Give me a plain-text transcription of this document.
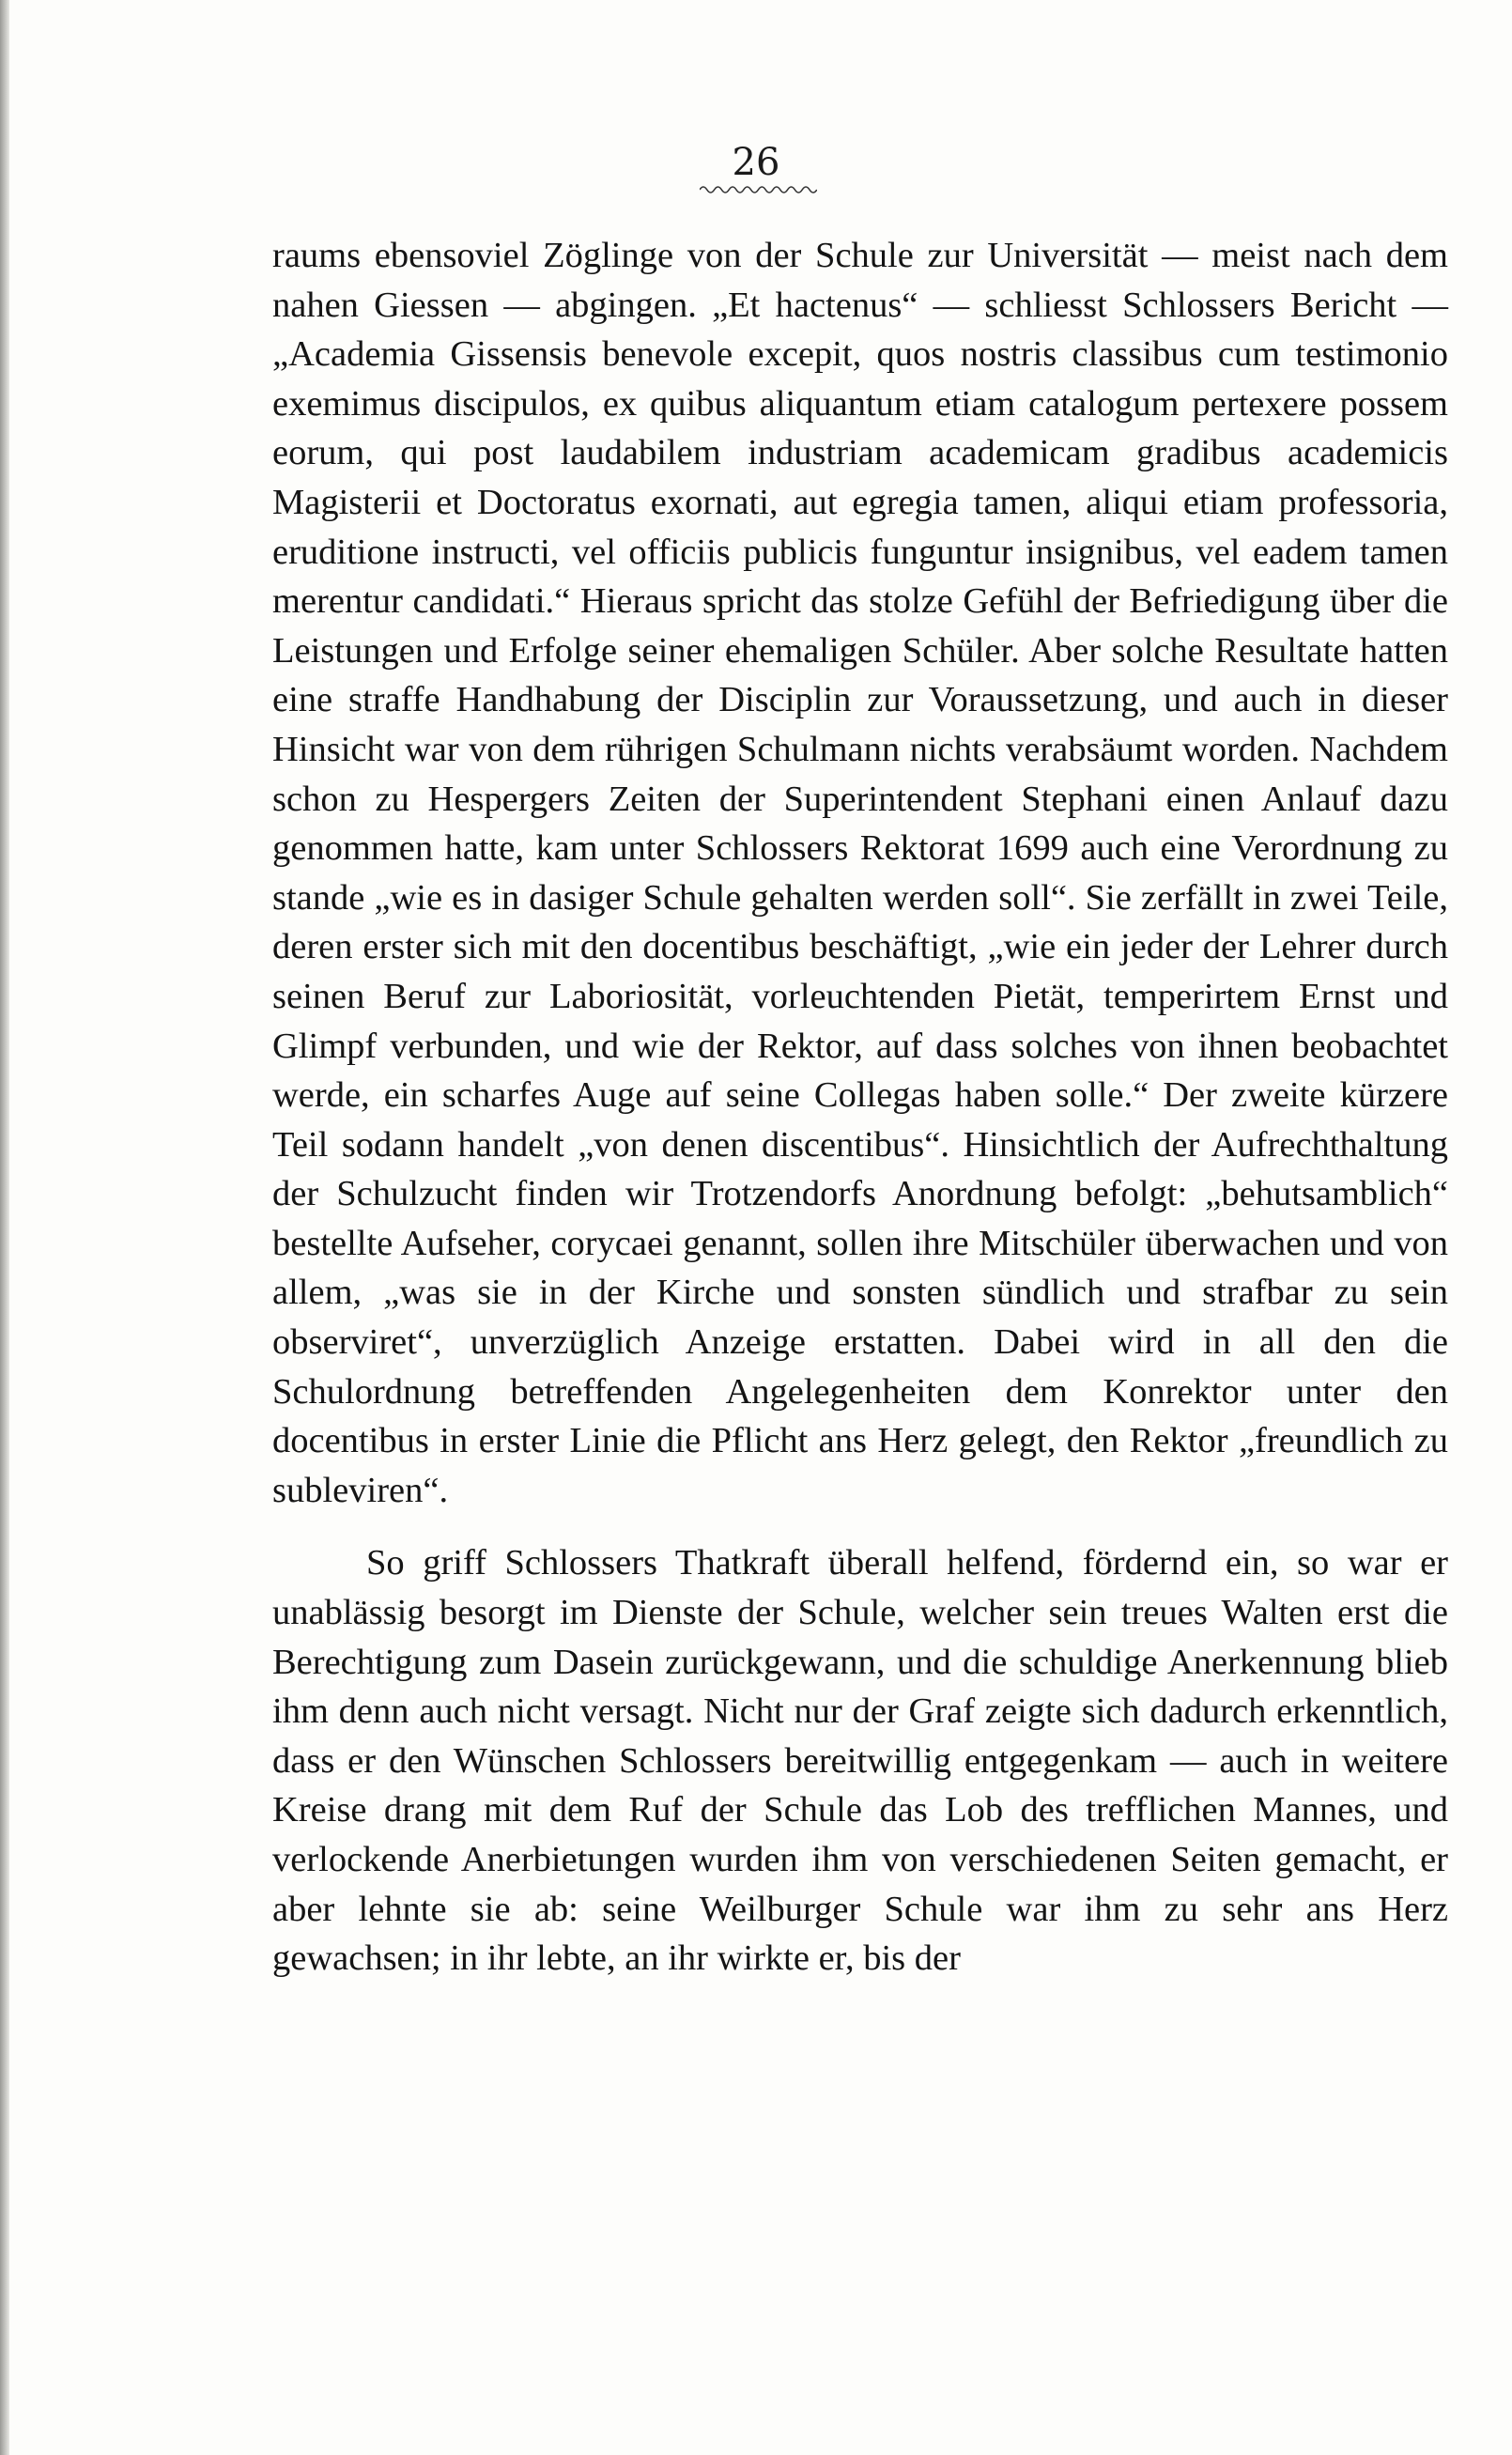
26

raums ebensoviel Zöglinge von der Schule zur Universität — meist nach dem nahen Giessen — abgingen. „Et hactenus“ — schliesst Schlossers Bericht — „Academia Gissensis benevole excepit, quos nostris classibus cum testimonio exemimus discipulos, ex quibus aliquantum etiam catalogum pertexere possem eorum, qui post laudabilem industriam academicam gradibus academicis Magisterii et Doctoratus exornati, aut egregia tamen, aliqui etiam professoria, eruditione instructi, vel officiis publicis funguntur insignibus, vel eadem tamen merentur candidati.“ Hieraus spricht das stolze Gefühl der Befriedigung über die Leistungen und Erfolge seiner ehemaligen Schüler. Aber solche Resultate hatten eine straffe Handhabung der Disciplin zur Voraussetzung, und auch in dieser Hinsicht war von dem rührigen Schulmann nichts verabsäumt worden. Nachdem schon zu Hespergers Zeiten der Superintendent Stephani einen Anlauf dazu genommen hatte, kam unter Schlossers Rektorat 1699 auch eine Verordnung zu stande „wie es in dasiger Schule gehalten werden soll“. Sie zerfällt in zwei Teile, deren erster sich mit den docentibus beschäftigt, „wie ein jeder der Lehrer durch seinen Beruf zur Laboriosität, vorleuchtenden Pietät, temperirtem Ernst und Glimpf verbunden, und wie der Rektor, auf dass solches von ihnen beobachtet werde, ein scharfes Auge auf seine Collegas haben solle.“ Der zweite kürzere Teil sodann handelt „von denen discentibus“. Hinsichtlich der Aufrechthaltung der Schulzucht finden wir Trotzendorfs Anordnung befolgt: „behutsamblich“ bestellte Aufseher, corycaei genannt, sollen ihre Mitschüler überwachen und von allem, „was sie in der Kirche und sonsten sündlich und strafbar zu sein observiret“, unverzüglich Anzeige erstatten. Dabei wird in all den die Schulordnung betreffenden Angelegenheiten dem Konrektor unter den docentibus in erster Linie die Pflicht ans Herz gelegt, den Rektor „freundlich zu subleviren“.

So griff Schlossers Thatkraft überall helfend, fördernd ein, so war er unablässig besorgt im Dienste der Schule, welcher sein treues Walten erst die Berechtigung zum Dasein zurückgewann, und die schuldige Anerkennung blieb ihm denn auch nicht versagt. Nicht nur der Graf zeigte sich dadurch erkenntlich, dass er den Wünschen Schlossers bereitwillig entgegenkam — auch in weitere Kreise drang mit dem Ruf der Schule das Lob des trefflichen Mannes, und verlockende Anerbietungen wurden ihm von verschiedenen Seiten gemacht, er aber lehnte sie ab: seine Weilburger Schule war ihm zu sehr ans Herz gewachsen; in ihr lebte, an ihr wirkte er, bis der
